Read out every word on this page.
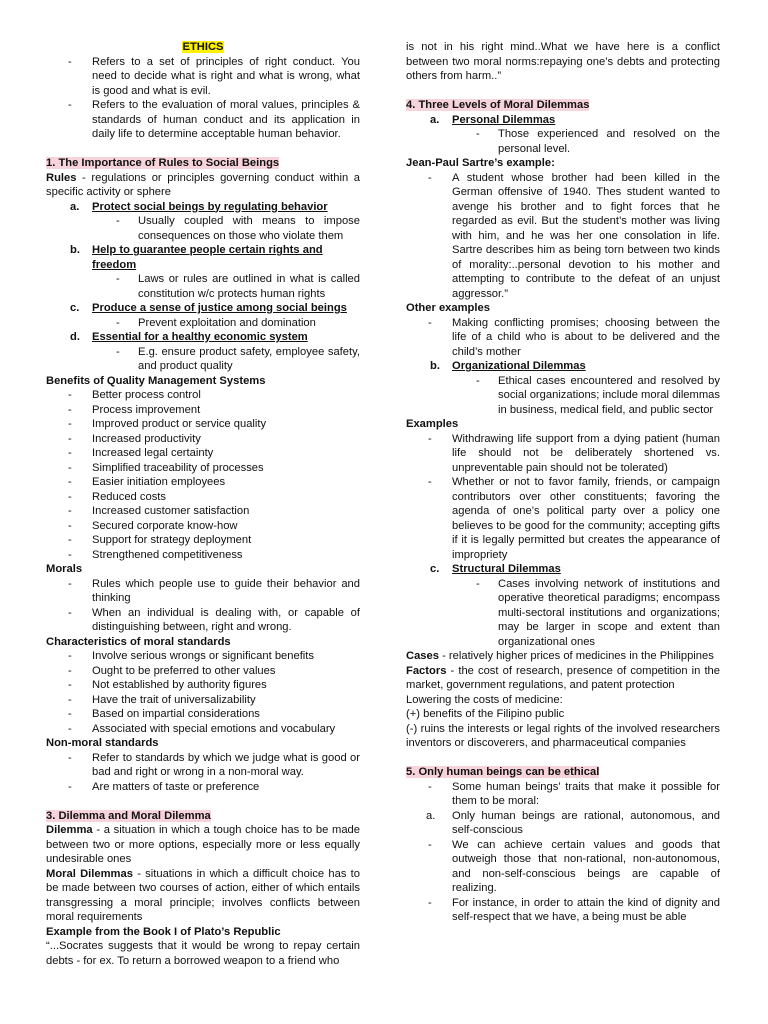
ETHICS

- Refers to a set of principles of right conduct. You need to decide what is right and what is wrong, what is good and what is evil.
- Refers to the evaluation of moral values, principles & standards of human conduct and its application in daily life to determine acceptable human behavior.

1. The Importance of Rules to Social Beings

Rules - regulations or principles governing conduct within a specific activity or sphere

a. Protect social beings by regulating behavior
- Usually coupled with means to impose consequences on those who violate them
b. Help to guarantee people certain rights and freedom
- Laws or rules are outlined in what is called constitution w/c protects human rights
c. Produce a sense of justice among social beings
- Prevent exploitation and domination
d. Essential for a healthy economic system
- E.g. ensure product safety, employee safety, and product quality

Benefits of Quality Management Systems

- Better process control
- Process improvement
- Improved product or service quality
- Increased productivity
- Increased legal certainty
- Simplified traceability of processes
- Easier initiation employees
- Reduced costs
- Increased customer satisfaction
- Secured corporate know-how
- Support for strategy deployment
- Strengthened competitiveness

Morals

- Rules which people use to guide their behavior and thinking
- When an individual is dealing with, or capable of distinguishing between, right and wrong.

Characteristics of moral standards

- Involve serious wrongs or significant benefits
- Ought to be preferred to other values
- Not established by authority figures
- Have the trait of universalizability
- Based on impartial considerations
- Associated with special emotions and vocabulary

Non-moral standards

- Refer to standards by which we judge what is good or bad and right or wrong in a non-moral way.
- Are matters of taste or preference

3. Dilemma and Moral Dilemma

Dilemma - a situation in which a tough choice has to be made between two or more options, especially more or less equally undesirable ones

Moral Dilemmas - situations in which a difficult choice has to be made between two courses of action, either of which entails transgressing a moral principle; involves conflicts between moral requirements

Example from the Book I of Plato’s Republic

“...Socrates suggests that it would be wrong to repay certain debts - for ex. To return a borrowed weapon to a friend who

is not in his right mind..What we have here is a conflict between two moral norms:repaying one’s debts and protecting others from harm..”

4. Three Levels of Moral Dilemmas

a. Personal Dilemmas
- Those experienced and resolved on the personal level.

Jean-Paul Sartre’s example:

- A student whose brother had been killed in the German offensive of 1940. Thes student wanted to avenge his brother and to fight forces that he regarded as evil. But the student’s mother was living with him, and he was her one consolation in life. Sartre describes him as being torn between two kinds of morality:..personal devotion to his mother and attempting to contribute to the defeat of an unjust aggressor.”

Other examples

- Making conflicting promises; choosing between the life of a child who is about to be delivered and the child’s mother
b. Organizational Dilemmas
- Ethical cases encountered and resolved by social organizations; include moral dilemmas in business, medical field, and public sector

Examples

- Withdrawing life support from a dying patient (human life should not be deliberately shortened vs. unpreventable pain should not be tolerated)
- Whether or not to favor family, friends, or campaign contributors over other constituents; favoring the agenda of one’s political party over a policy one believes to be good for the community; accepting gifts if it is legally permitted but creates the appearance of impropriety
c. Structural Dilemmas
- Cases involving network of institutions and operative theoretical paradigms; encompass multi-sectoral institutions and organizations; may be larger in scope and extent than organizational ones

Cases - relatively higher prices of medicines in the Philippines

Factors - the cost of research, presence of competition in the market, government regulations, and patent protection

Lowering the costs of medicine:

(+) benefits of the Filipino public

(-) ruins the interests or legal rights of the involved researchers inventors or discoverers, and pharmaceutical companies

5. Only human beings can be ethical

- Some human beings’ traits that make it possible for them to be moral:
a. Only human beings are rational, autonomous, and self-conscious
- We can achieve certain values and goods that outweigh those that non-rational, non-autonomous, and non-self-conscious beings are capable of realizing.
- For instance, in order to attain the kind of dignity and self-respect that we have, a being must be able
